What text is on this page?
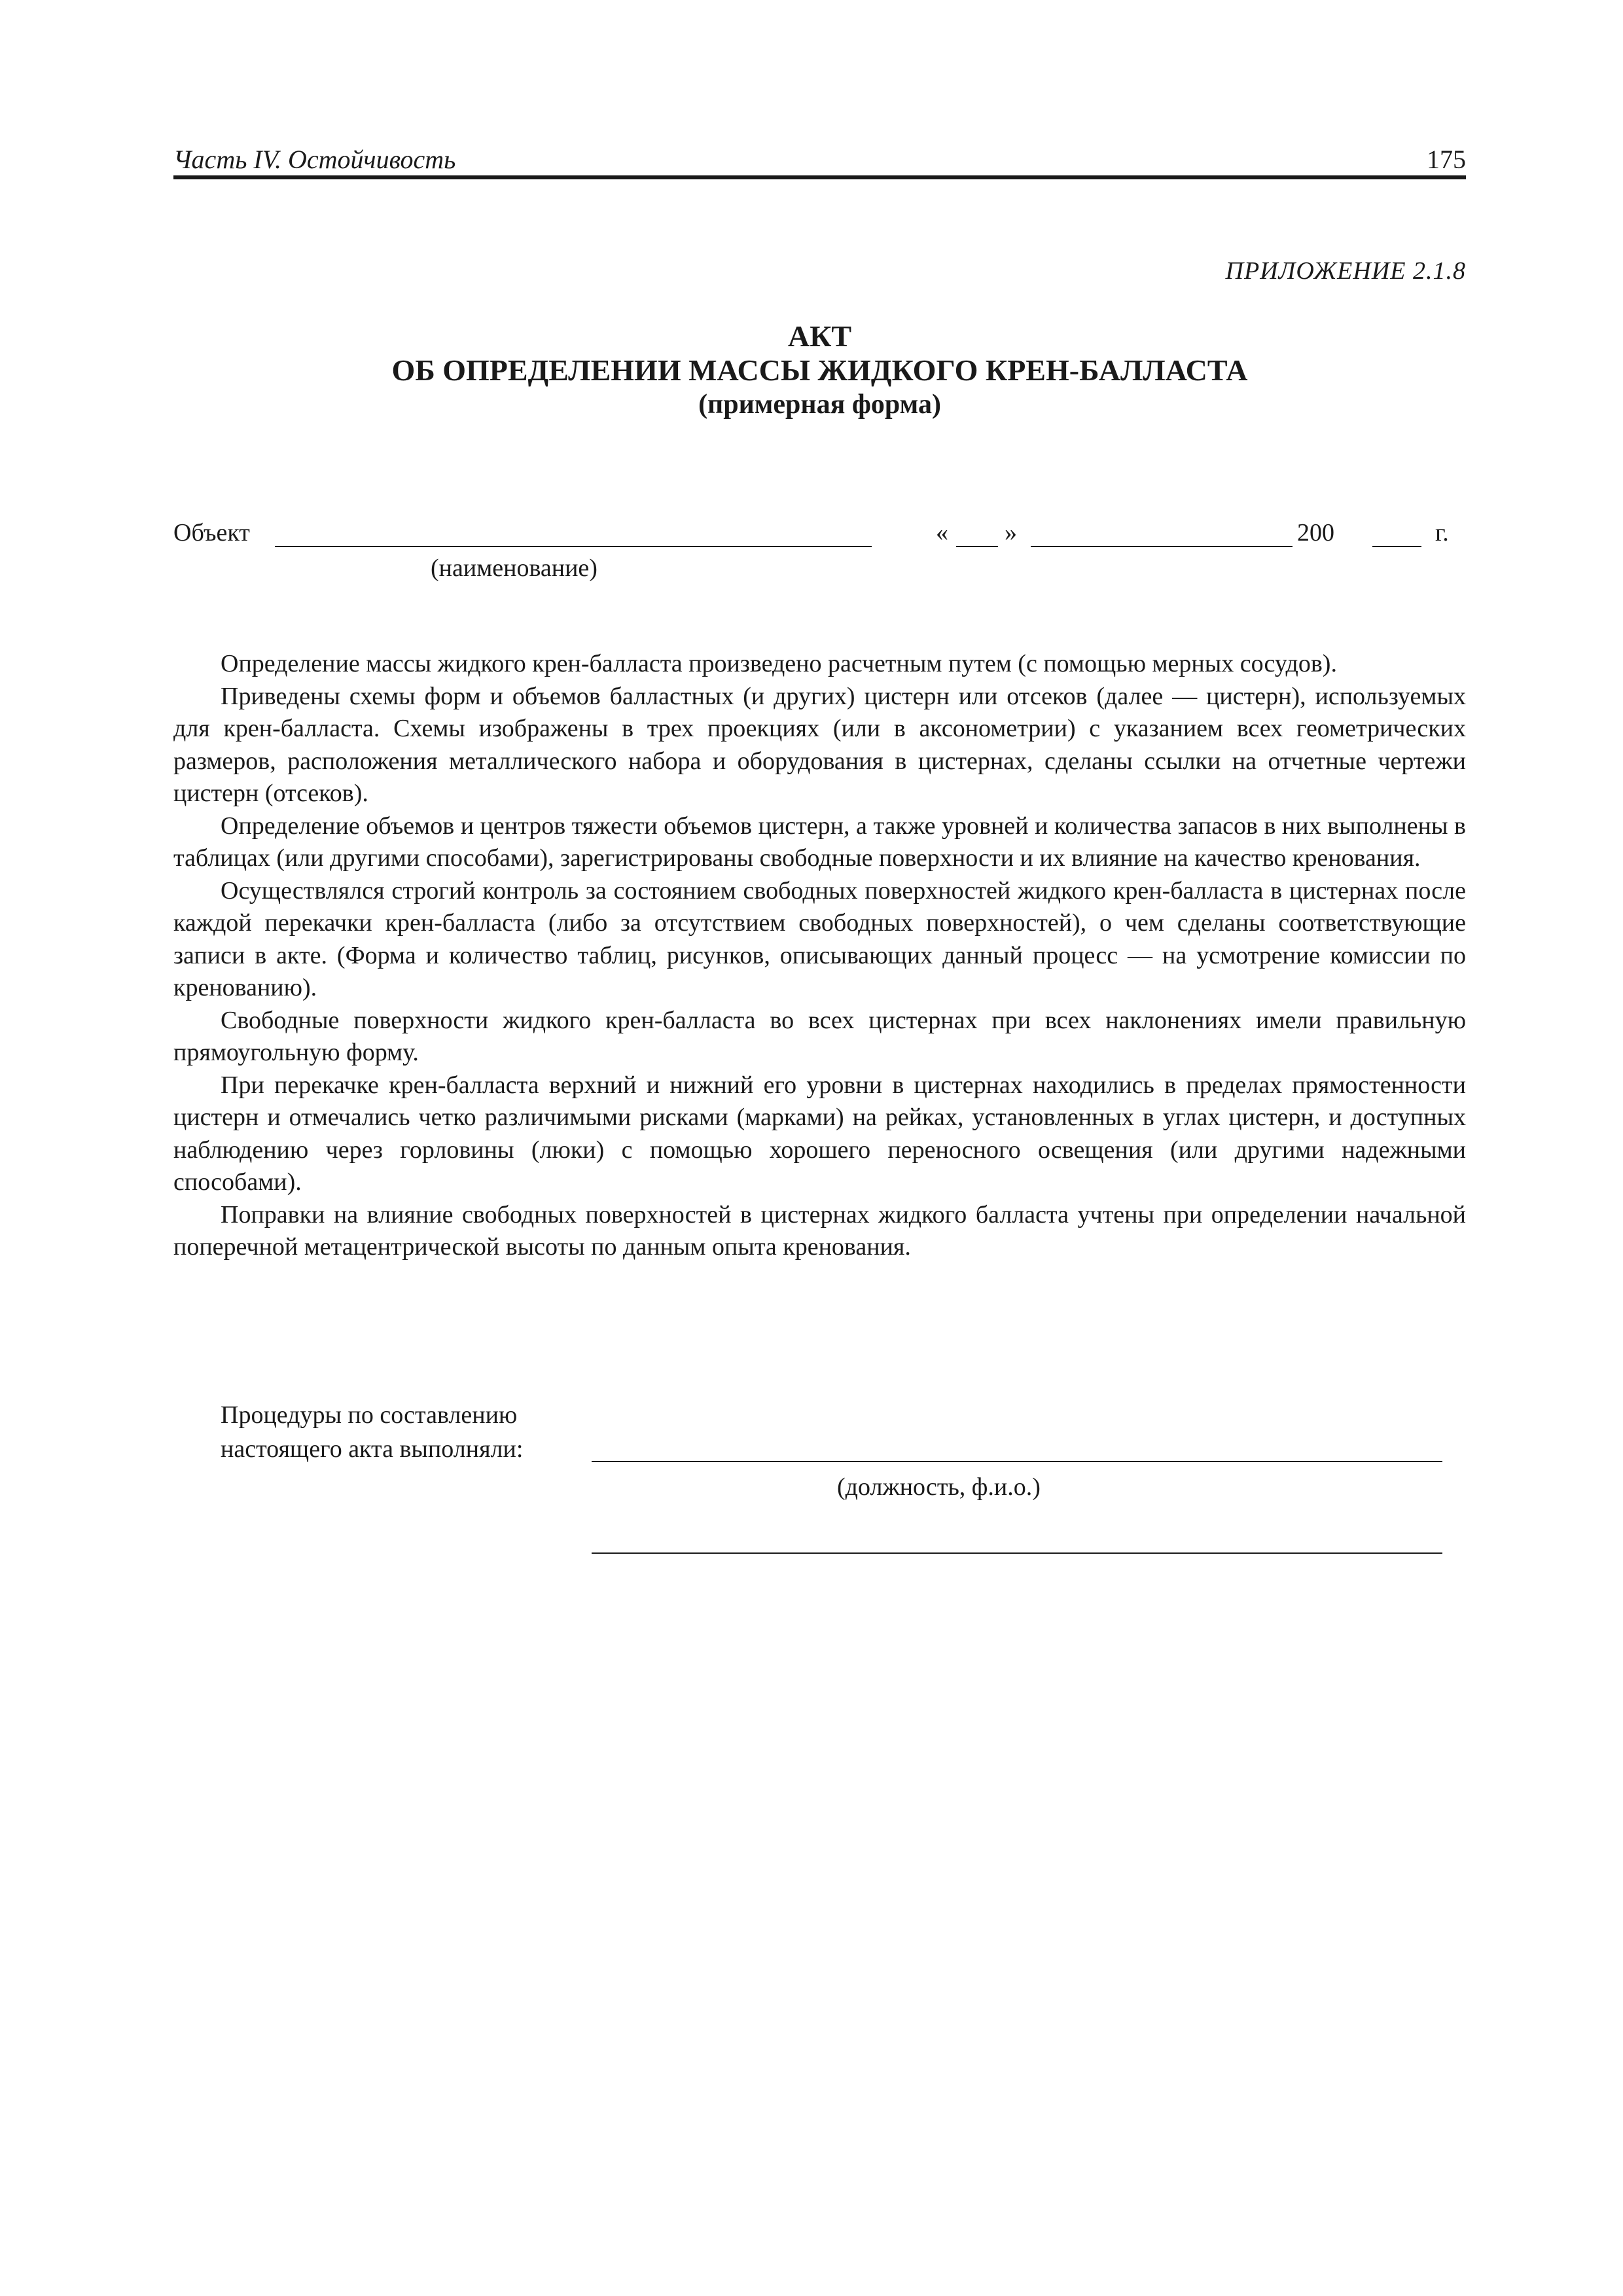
Часть IV. Остойчивость	175
ПРИЛОЖЕНИЕ 2.1.8
АКТ
ОБ ОПРЕДЕЛЕНИИ МАССЫ ЖИДКОГО КРЕН-БАЛЛАСТА
(примерная форма)
Объект	« »	200	г.
(наименование)

Определение массы жидкого крен-балласта произведено расчетным путем (с помощью мерных сосудов).

Приведены схемы форм и объемов балластных (и других) цистерн или отсеков (далее — цистерн), используемых для крен-балласта. Схемы изображены в трех проекциях (или в аксонометрии) с указанием всех геометрических размеров, расположения металлического набора и оборудования в цистернах, сделаны ссылки на отчетные чертежи цистерн (отсеков).

Определение объемов и центров тяжести объемов цистерн, а также уровней и количества запасов в них выполнены в таблицах (или другими способами), зарегистрированы свободные поверхности и их влияние на качество кренования.

Осуществлялся строгий контроль за состоянием свободных поверхностей жидкого крен-балласта в цистернах после каждой перекачки крен-балласта (либо за отсутствием свободных поверхностей), о чем сделаны соответствующие записи в акте. (Форма и количество таблиц, рисунков, описывающих данный процесс — на усмотрение комиссии по кренованию).

Свободные поверхности жидкого крен-балласта во всех цистернах при всех наклонениях имели правильную прямоугольную форму.

При перекачке крен-балласта верхний и нижний его уровни в цистернах находились в пределах прямостенности цистерн и отмечались четко различимыми рисками (марками) на рейках, установленных в углах цистерн, и доступных наблюдению через горловины (люки) с помощью хорошего переносного освещения (или другими надежными способами).

Поправки на влияние свободных поверхностей в цистернах жидкого балласта учтены при определении начальной поперечной метацентрической высоты по данным опыта кренования.

Процедуры по составлению
настоящего акта выполняли:
(должность, ф.и.о.)
